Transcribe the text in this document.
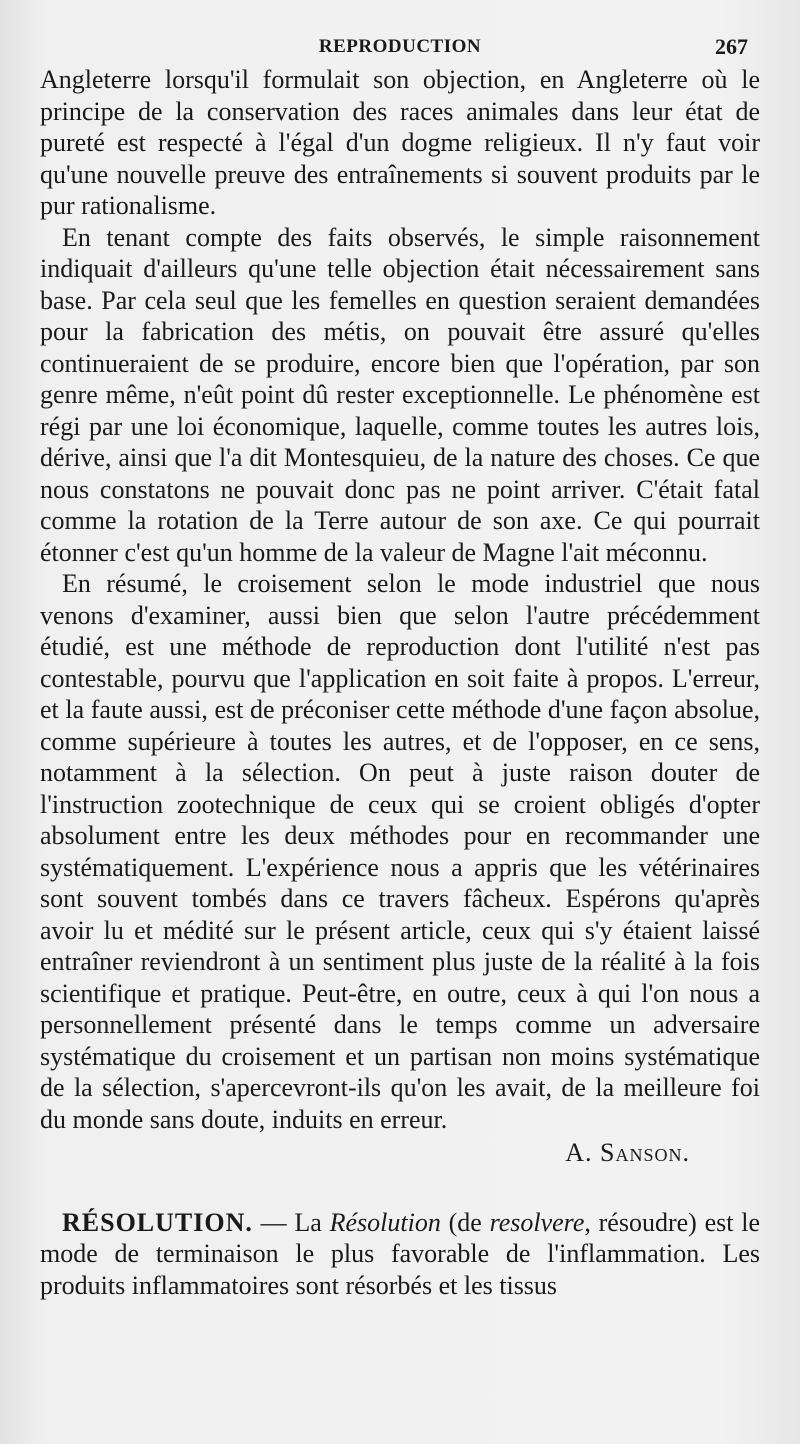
REPRODUCTION	267

Angleterre lorsqu'il formulait son objection, en Angleterre où le principe de la conservation des races animales dans leur état de pureté est respecté à l'égal d'un dogme religieux. Il n'y faut voir qu'une nouvelle preuve des entraînements si souvent produits par le pur rationalisme.

En tenant compte des faits observés, le simple raisonnement indiquait d'ailleurs qu'une telle objection était nécessairement sans base. Par cela seul que les femelles en question seraient demandées pour la fabrication des métis, on pouvait être assuré qu'elles continueraient de se produire, encore bien que l'opération, par son genre même, n'eût point dû rester exceptionnelle. Le phénomène est régi par une loi économique, laquelle, comme toutes les autres lois, dérive, ainsi que l'a dit Montesquieu, de la nature des choses. Ce que nous constatons ne pouvait donc pas ne point arriver. C'était fatal comme la rotation de la Terre autour de son axe. Ce qui pourrait étonner c'est qu'un homme de la valeur de Magne l'ait méconnu.

En résumé, le croisement selon le mode industriel que nous venons d'examiner, aussi bien que selon l'autre précédemment étudié, est une méthode de reproduction dont l'utilité n'est pas contestable, pourvu que l'application en soit faite à propos. L'erreur, et la faute aussi, est de préconiser cette méthode d'une façon absolue, comme supérieure à toutes les autres, et de l'opposer, en ce sens, notamment à la sélection. On peut à juste raison douter de l'instruction zootechnique de ceux qui se croient obligés d'opter absolument entre les deux méthodes pour en recommander une systématiquement. L'expérience nous a appris que les vétérinaires sont souvent tombés dans ce travers fâcheux. Espérons qu'après avoir lu et médité sur le présent article, ceux qui s'y étaient laissé entraîner reviendront à un sentiment plus juste de la réalité à la fois scientifique et pratique. Peut-être, en outre, ceux à qui l'on nous a personnellement présenté dans le temps comme un adversaire systématique du croisement et un partisan non moins systématique de la sélection, s'apercevront-ils qu'on les avait, de la meilleure foi du monde sans doute, induits en erreur.

A. Sanson.

RÉSOLUTION. — La Résolution (de resolvere, résoudre) est le mode de terminaison le plus favorable de l'inflammation. Les produits inflammatoires sont résorbés et les tissus
